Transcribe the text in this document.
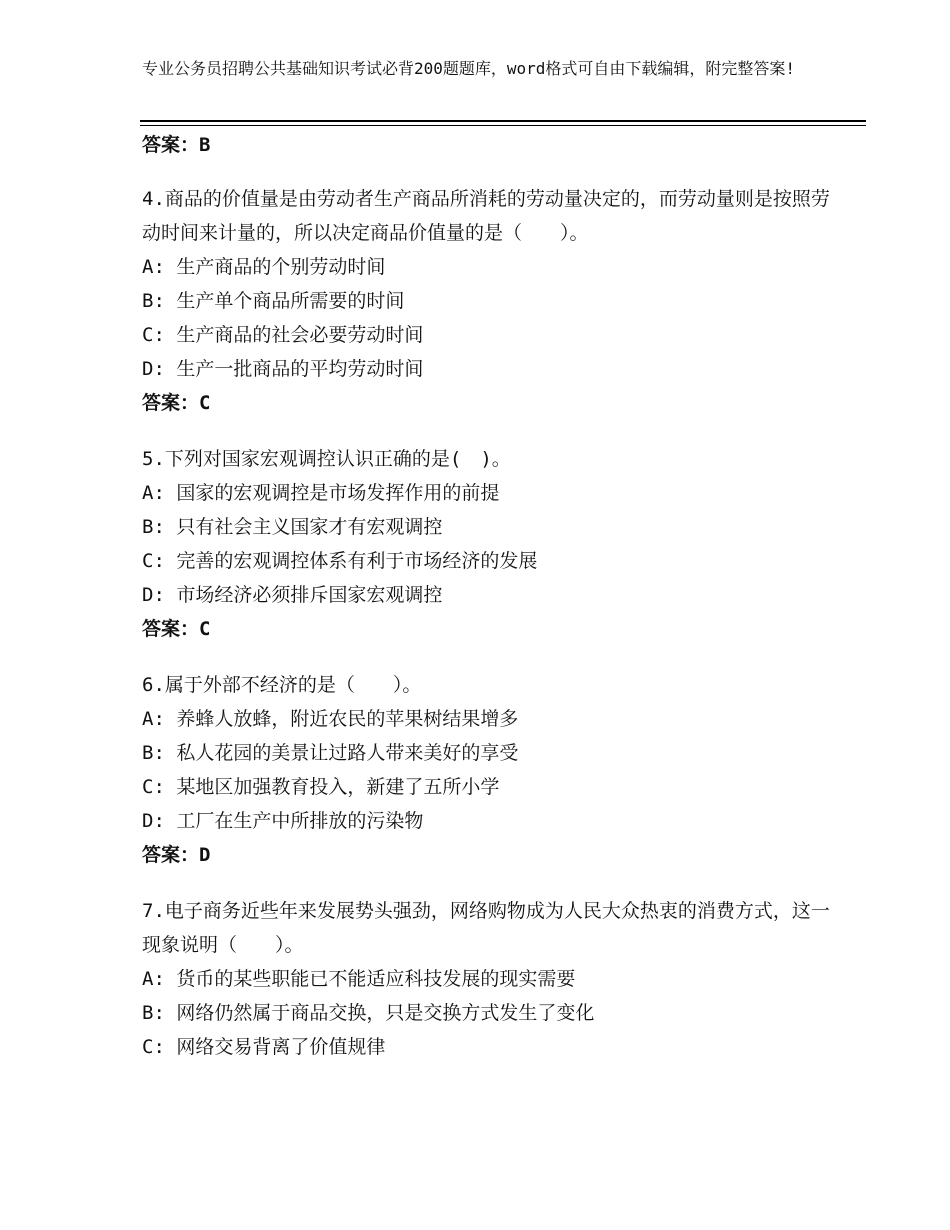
专业公务员招聘公共基础知识考试必背200题题库，word格式可自由下载编辑，附完整答案!
答案：B
4.商品的价值量是由劳动者生产商品所消耗的劳动量决定的，而劳动量则是按照劳动时间来计量的，所以决定商品价值量的是（　　）。
A: 生产商品的个别劳动时间
B: 生产单个商品所需要的时间
C: 生产商品的社会必要劳动时间
D: 生产一批商品的平均劳动时间
答案：C
5.下列对国家宏观调控认识正确的是(　)。
A: 国家的宏观调控是市场发挥作用的前提
B: 只有社会主义国家才有宏观调控
C: 完善的宏观调控体系有利于市场经济的发展
D: 市场经济必须排斥国家宏观调控
答案：C
6.属于外部不经济的是（　　）。
A: 养蜂人放蜂，附近农民的苹果树结果增多
B: 私人花园的美景让过路人带来美好的享受
C: 某地区加强教育投入，新建了五所小学
D: 工厂在生产中所排放的污染物
答案：D
7.电子商务近些年来发展势头强劲，网络购物成为人民大众热衷的消费方式，这一现象说明（　　）。
A: 货币的某些职能已不能适应科技发展的现实需要
B: 网络仍然属于商品交换，只是交换方式发生了变化
C: 网络交易背离了价值规律
